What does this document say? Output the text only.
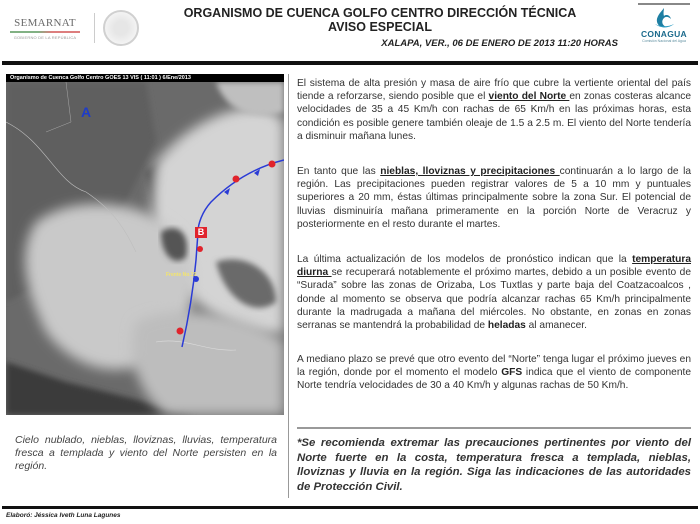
SEMARNAT
GOBIERNO DE LA REPÚBLICA
ORGANISMO DE CUENCA GOLFO CENTRO DIRECCIÓN TÉCNICA
AVISO ESPECIAL
XALAPA, VER., 06 DE ENERO DE 2013 11:20 HORAS
CONAGUA
Comisión Nacional del Agua
Organismo de Cuenca Golfo Centro GOES 13 VIS ( 11:01 ) 6/Ene/2013
A
B
Frente No.19
Cielo nublado, nieblas, lloviznas, lluvias, temperatura fresca a templada y viento del Norte persisten en la región.

El sistema de alta presión y masa de aire frío que cubre la vertiente oriental del país tiende a reforzarse, siendo posible que el viento del Norte en zonas costeras alcance velocidades de 35 a 45 Km/h con rachas de 65 Km/h en las próximas horas, esta condición es posible genere también oleaje de 1.5 a 2.5 m. El viento del Norte tendería a disminuir mañana lunes.

En tanto que las nieblas, lloviznas y precipitaciones continuarán a lo largo de la región. Las precipitaciones pueden registrar valores de 5 a 10 mm y puntuales superiores a 20 mm, éstas últimas principalmente sobre la zona Sur. El potencial de lluvias disminuiría mañana primeramente en la porción Norte de Veracruz y posteriormente en el resto durante el martes.

La última actualización de los modelos de pronóstico indican que la temperatura diurna se recuperará notablemente el próximo martes, debido a un posible evento de “Surada” sobre las zonas de Orizaba, Los Tuxtlas y parte baja del Coatzacoalcos , donde al momento se observa que podría alcanzar rachas 65 Km/h principalmente durante la madrugada a mañana del miércoles. No obstante, en zonas en zonas serranas se mantendrá la probabilidad de heladas al amanecer.

A mediano plazo se prevé que otro evento del “Norte” tenga lugar el próximo jueves en la región, donde por el momento el modelo GFS indica que el viento de componente Norte tendría velocidades de 30 a 40 Km/h y algunas rachas de 50 Km/h.

*Se recomienda extremar las precauciones pertinentes por viento del Norte fuerte en la costa, temperatura fresca a templada, nieblas, lloviznas y lluvia en la región. Siga las indicaciones de las autoridades de Protección Civil.
Elaboró: Jéssica Iveth Luna Lagunes
